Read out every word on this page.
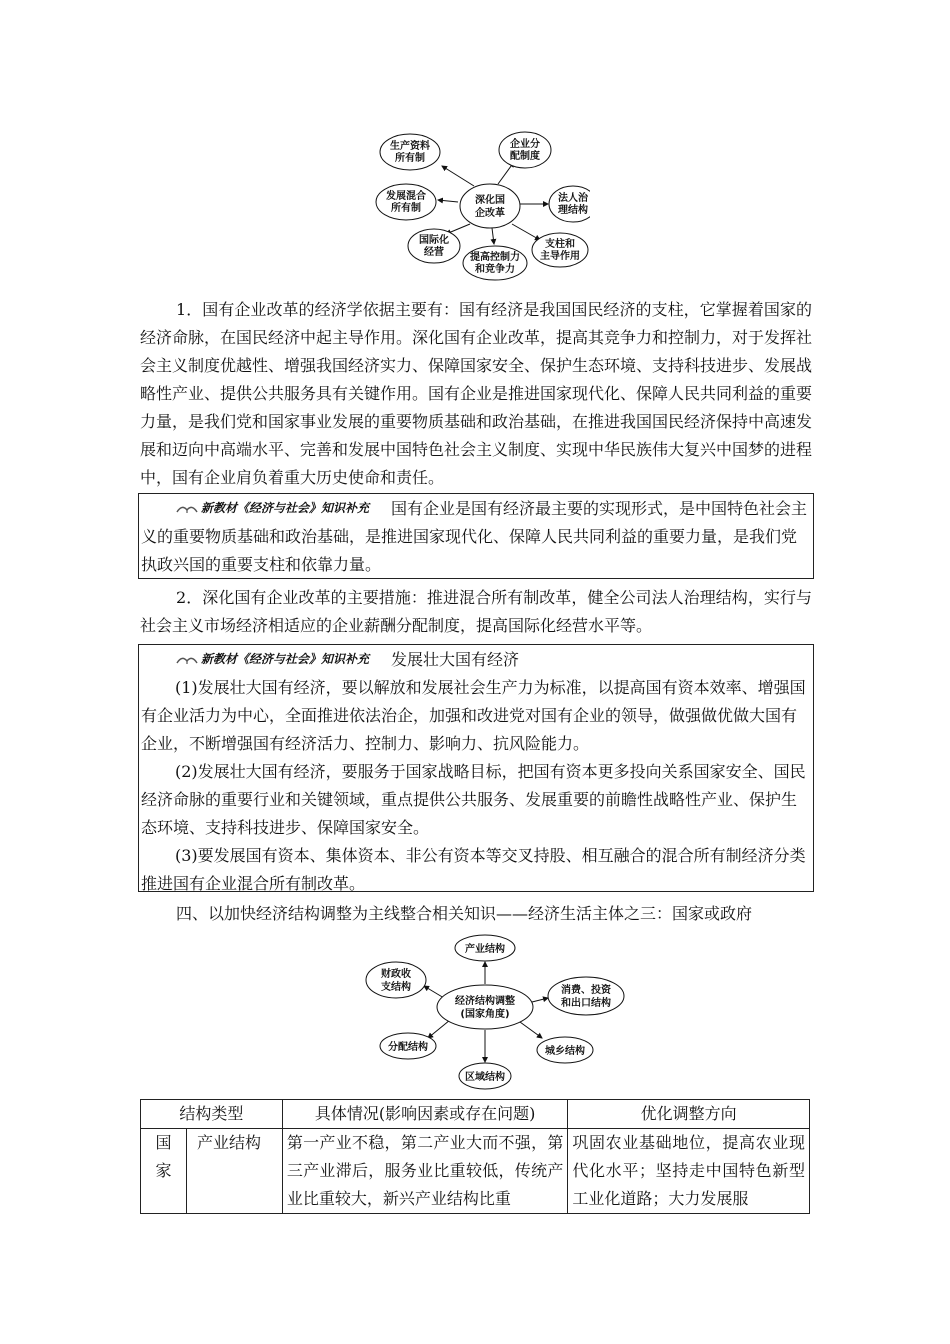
深化国
企改革
生产资料
所有制
企业分
配制度
法人治
理结构
支柱和
主导作用
提高控制力
和竞争力
国际化
经营
发展混合
所有制
1．国有企业改革的经济学依据主要有：国有经济是我国国民经济的支柱，它掌握着国家的经济命脉，在国民经济中起主导作用。深化国有企业改革，提高其竞争力和控制力，对于发挥社会主义制度优越性、增强我国经济实力、保障国家安全、保护生态环境、支持科技进步、发展战略性产业、提供公共服务具有关键作用。国有企业是推进国家现代化、保障人民共同利益的重要力量，是我们党和国家事业发展的重要物质基础和政治基础，在推进我国国民经济保持中高速发展和迈向中高端水平、完善和发展中国特色社会主义制度、实现中华民族伟大复兴中国梦的进程中，国有企业肩负着重大历史使命和责任。
新教材《经济与社会》知识补充 国有企业是国有经济最主要的实现形式，是中国特色社会主义的重要物质基础和政治基础，是推进国家现代化、保障人民共同利益的重要力量，是我们党执政兴国的重要支柱和依靠力量。
2．深化国有企业改革的主要措施：推进混合所有制改革，健全公司法人治理结构，实行与社会主义市场经济相适应的企业薪酬分配制度，提高国际化经营水平等。
新教材《经济与社会》知识补充 发展壮大国有经济
(1)发展壮大国有经济，要以解放和发展社会生产力为标准，以提高国有资本效率、增强国有企业活力为中心，全面推进依法治企，加强和改进党对国有企业的领导，做强做优做大国有企业，不断增强国有经济活力、控制力、影响力、抗风险能力。
(2)发展壮大国有经济，要服务于国家战略目标，把国有资本更多投向关系国家安全、国民经济命脉的重要行业和关键领域，重点提供公共服务、发展重要的前瞻性战略性产业、保护生态环境、支持科技进步、保障国家安全。
(3)要发展国有资本、集体资本、非公有资本等交叉持股、相互融合的混合所有制经济分类推进国有企业混合所有制改革。
四、以加快经济结构调整为主线整合相关知识——经济生活主体之三：国家或政府
经济结构调整
(国家角度)
产业结构
消费、投资
和出口结构
城乡结构
区域结构
分配结构
财政收
支结构
结构类型		具体情况(影响因素或存在问题)	优化调整方向
国家	产业结构	第一产业不稳，第二产业大而不强，第三产业滞后，服务业比重较低，传统产业比重较大，新兴产业结构比重	巩固农业基础地位，提高农业现代化水平；坚持走中国特色新型工业化道路；大力发展服
